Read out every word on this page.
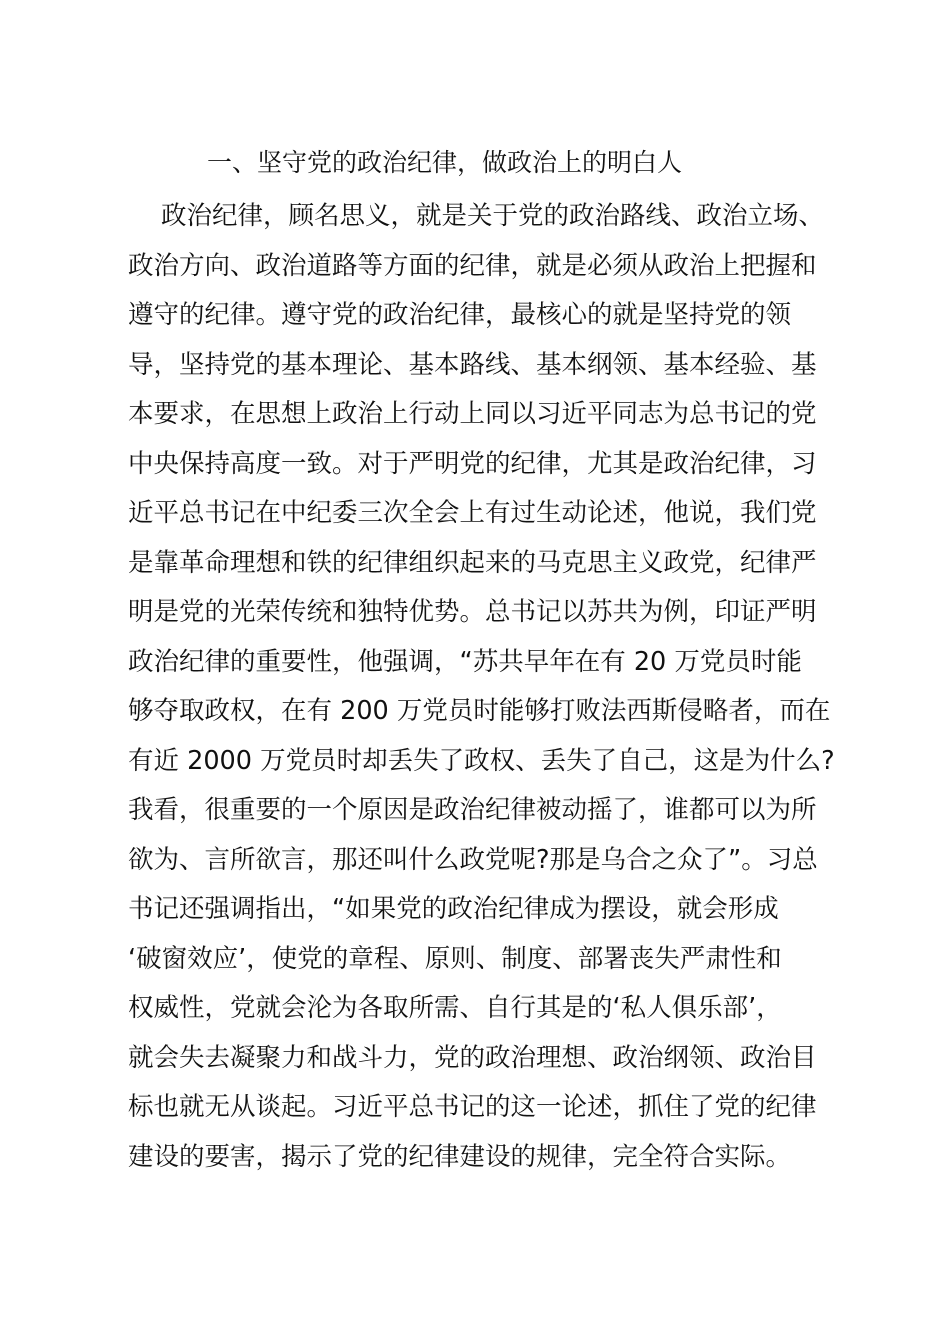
一、坚守党的政治纪律，做政治上的明白人
政治纪律，顾名思义，就是关于党的政治路线、政治立场、
政治方向、政治道路等方面的纪律，就是必须从政治上把握和
遵守的纪律。遵守党的政治纪律，最核心的就是坚持党的领
导，坚持党的基本理论、基本路线、基本纲领、基本经验、基
本要求，在思想上政治上行动上同以习近平同志为总书记的党
中央保持高度一致。对于严明党的纪律，尤其是政治纪律，习
近平总书记在中纪委三次全会上有过生动论述，他说，我们党
是靠革命理想和铁的纪律组织起来的马克思主义政党，纪律严
明是党的光荣传统和独特优势。总书记以苏共为例，印证严明
政治纪律的重要性，他强调，“苏共早年在有 20 万党员时能
够夺取政权，在有 200 万党员时能够打败法西斯侵略者，而在
有近 2000 万党员时却丢失了政权、丢失了自己，这是为什么?
我看，很重要的一个原因是政治纪律被动摇了，谁都可以为所
欲为、言所欲言，那还叫什么政党呢?那是乌合之众了”。习总
书记还强调指出，“如果党的政治纪律成为摆设，就会形成
‘破窗效应’，使党的章程、原则、制度、部署丧失严肃性和
权威性，党就会沦为各取所需、自行其是的‘私人俱乐部’，
就会失去凝聚力和战斗力，党的政治理想、政治纲领、政治目
标也就无从谈起。习近平总书记的这一论述，抓住了党的纪律
建设的要害，揭示了党的纪律建设的规律，完全符合实际。
